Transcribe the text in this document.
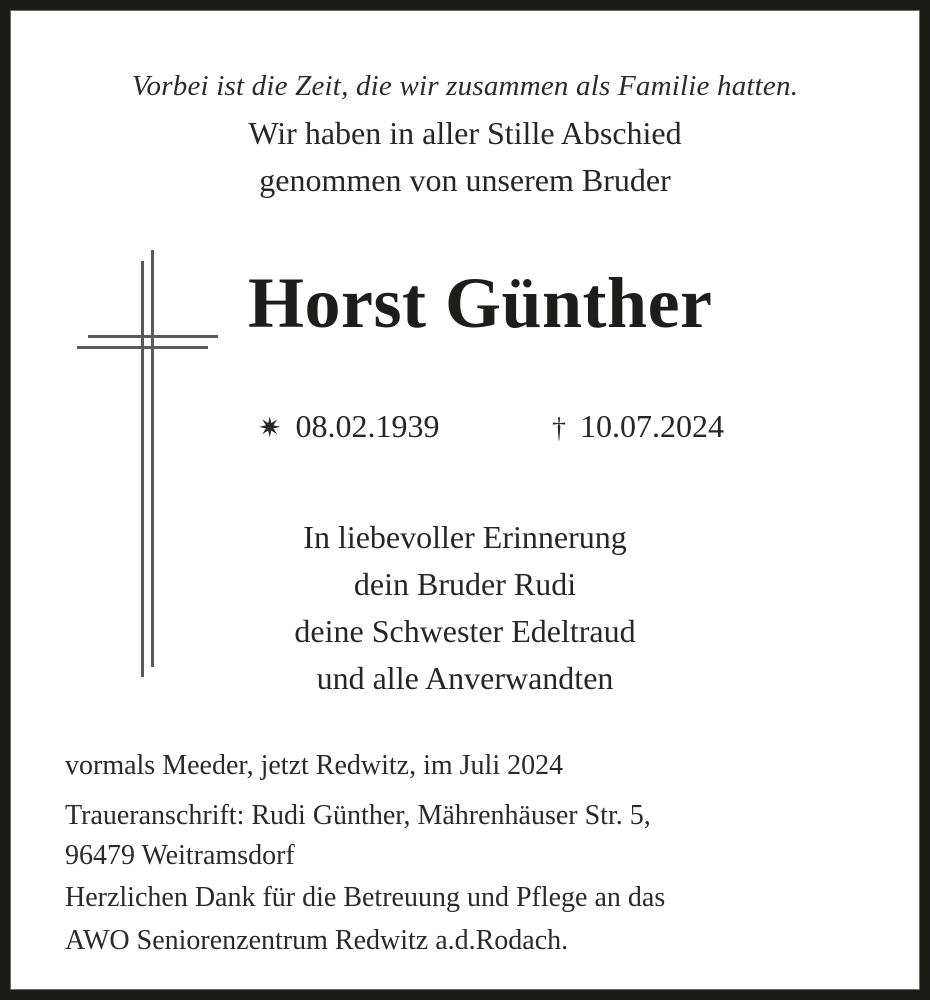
Vorbei ist die Zeit, die wir zusammen als Familie hatten.
Wir haben in aller Stille Abschied
genommen von unserem Bruder
Horst Günther
✷ 08.02.1939	† 10.07.2024
In liebevoller Erinnerung
dein Bruder Rudi
deine Schwester Edeltraud
und alle Anverwandten
vormals Meeder, jetzt Redwitz, im Juli 2024
Traueranschrift: Rudi Günther, Mährenhäuser Str. 5,
96479 Weitramsdorf
Herzlichen Dank für die Betreuung und Pflege an das
AWO Seniorenzentrum Redwitz a.d.Rodach.
